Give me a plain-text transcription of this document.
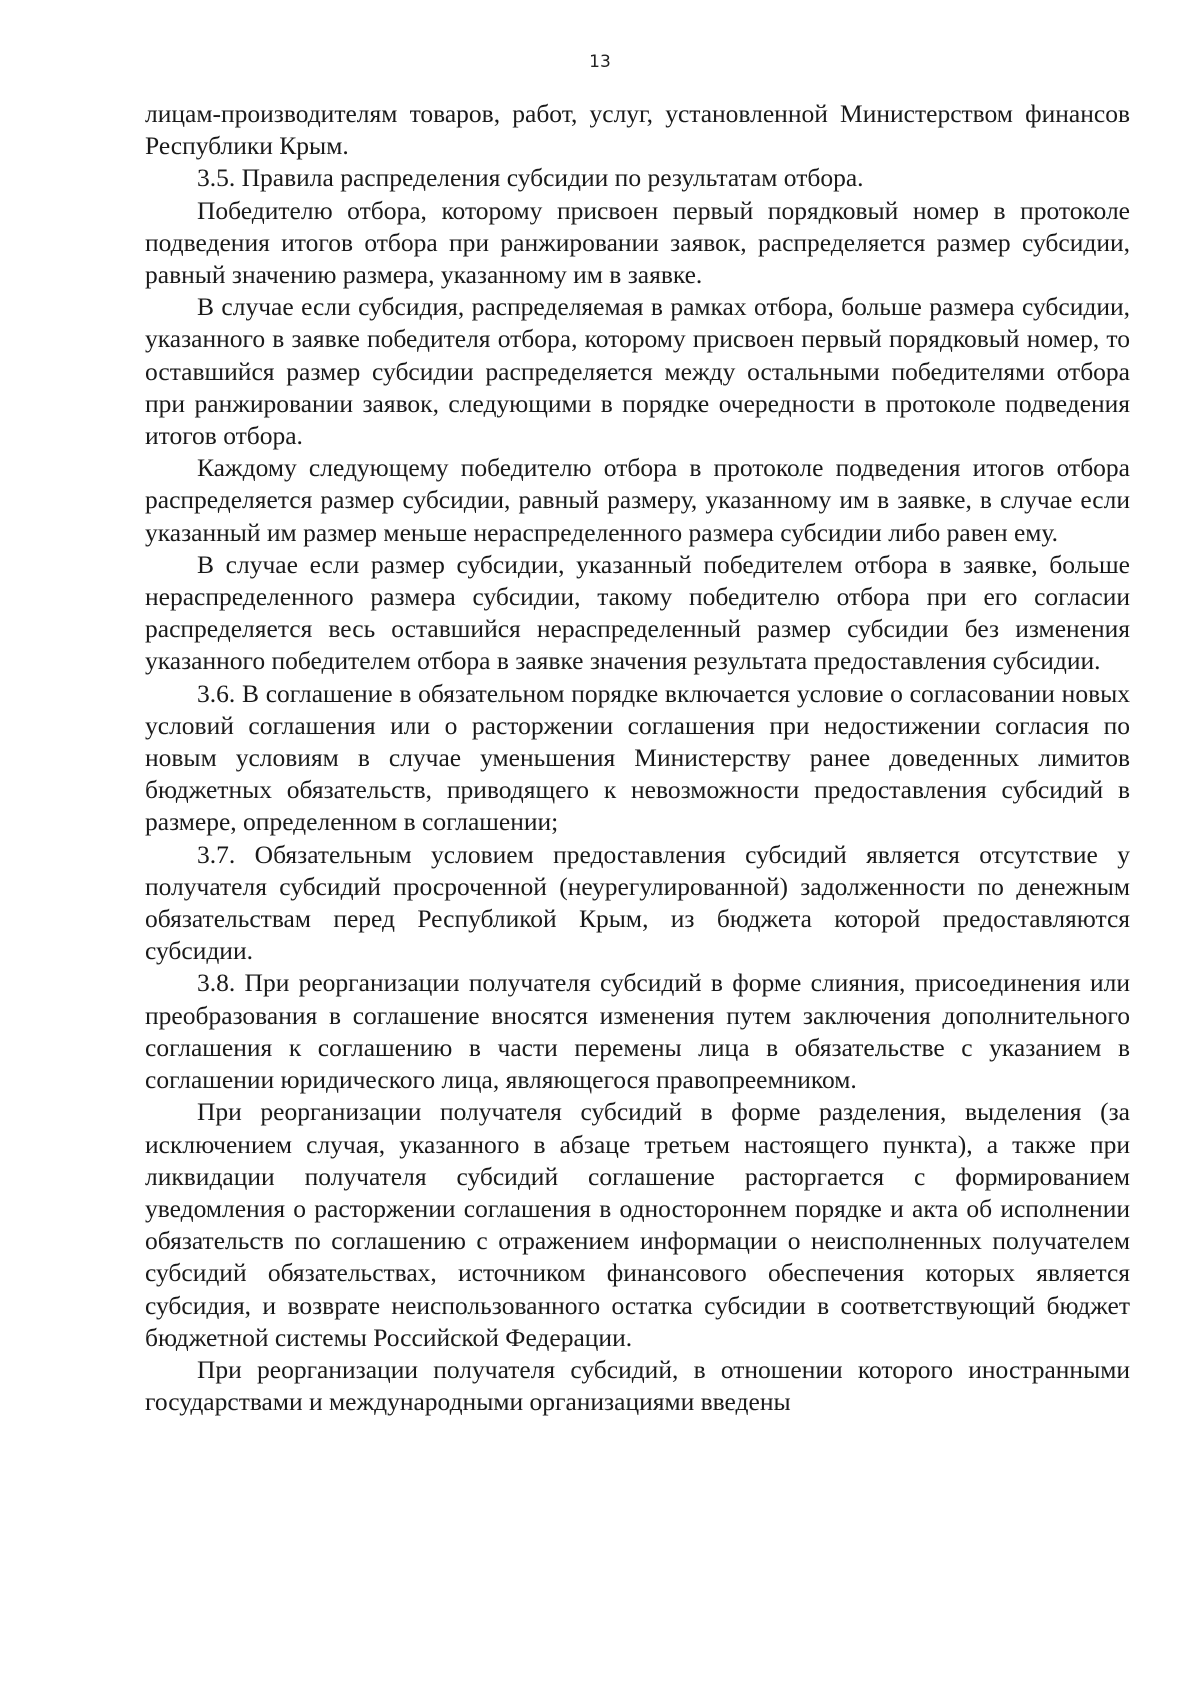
13

лицам-производителям товаров, работ, услуг, установленной Министерством финансов Республики Крым.

3.5. Правила распределения субсидии по результатам отбора.

Победителю отбора, которому присвоен первый порядковый номер в протоколе подведения итогов отбора при ранжировании заявок, распределяется размер субсидии, равный значению размера, указанному им в заявке.

В случае если субсидия, распределяемая в рамках отбора, больше размера субсидии, указанного в заявке победителя отбора, которому присвоен первый порядковый номер, то оставшийся размер субсидии распределяется между остальными победителями отбора при ранжировании заявок, следующими в порядке очередности в протоколе подведения итогов отбора.

Каждому следующему победителю отбора в протоколе подведения итогов отбора распределяется размер субсидии, равный размеру, указанному им в заявке, в случае если указанный им размер меньше нераспределенного размера субсидии либо равен ему.

В случае если размер субсидии, указанный победителем отбора в заявке, больше нераспределенного размера субсидии, такому победителю отбора при его согласии распределяется весь оставшийся нераспределенный размер субсидии без изменения указанного победителем отбора в заявке значения результата предоставления субсидии.

3.6. В соглашение в обязательном порядке включается условие о согласовании новых условий соглашения или о расторжении соглашения при недостижении согласия по новым условиям в случае уменьшения Министерству ранее доведенных лимитов бюджетных обязательств, приводящего к невозможности предоставления субсидий в размере, определенном в соглашении;

3.7. Обязательным условием предоставления субсидий является отсутствие у получателя субсидий просроченной (неурегулированной) задолженности по денежным обязательствам перед Республикой Крым, из бюджета которой предоставляются субсидии.

3.8. При реорганизации получателя субсидий в форме слияния, присоединения или преобразования в соглашение вносятся изменения путем заключения дополнительного соглашения к соглашению в части перемены лица в обязательстве с указанием в соглашении юридического лица, являющегося правопреемником.

При реорганизации получателя субсидий в форме разделения, выделения (за исключением случая, указанного в абзаце третьем настоящего пункта), а также при ликвидации получателя субсидий соглашение расторгается с формированием уведомления о расторжении соглашения в одностороннем порядке и акта об исполнении обязательств по соглашению с отражением информации о неисполненных получателем субсидий обязательствах, источником финансового обеспечения которых является субсидия, и возврате неиспользованного остатка субсидии в соответствующий бюджет бюджетной системы Российской Федерации.

При реорганизации получателя субсидий, в отношении которого иностранными государствами и международными организациями введены
